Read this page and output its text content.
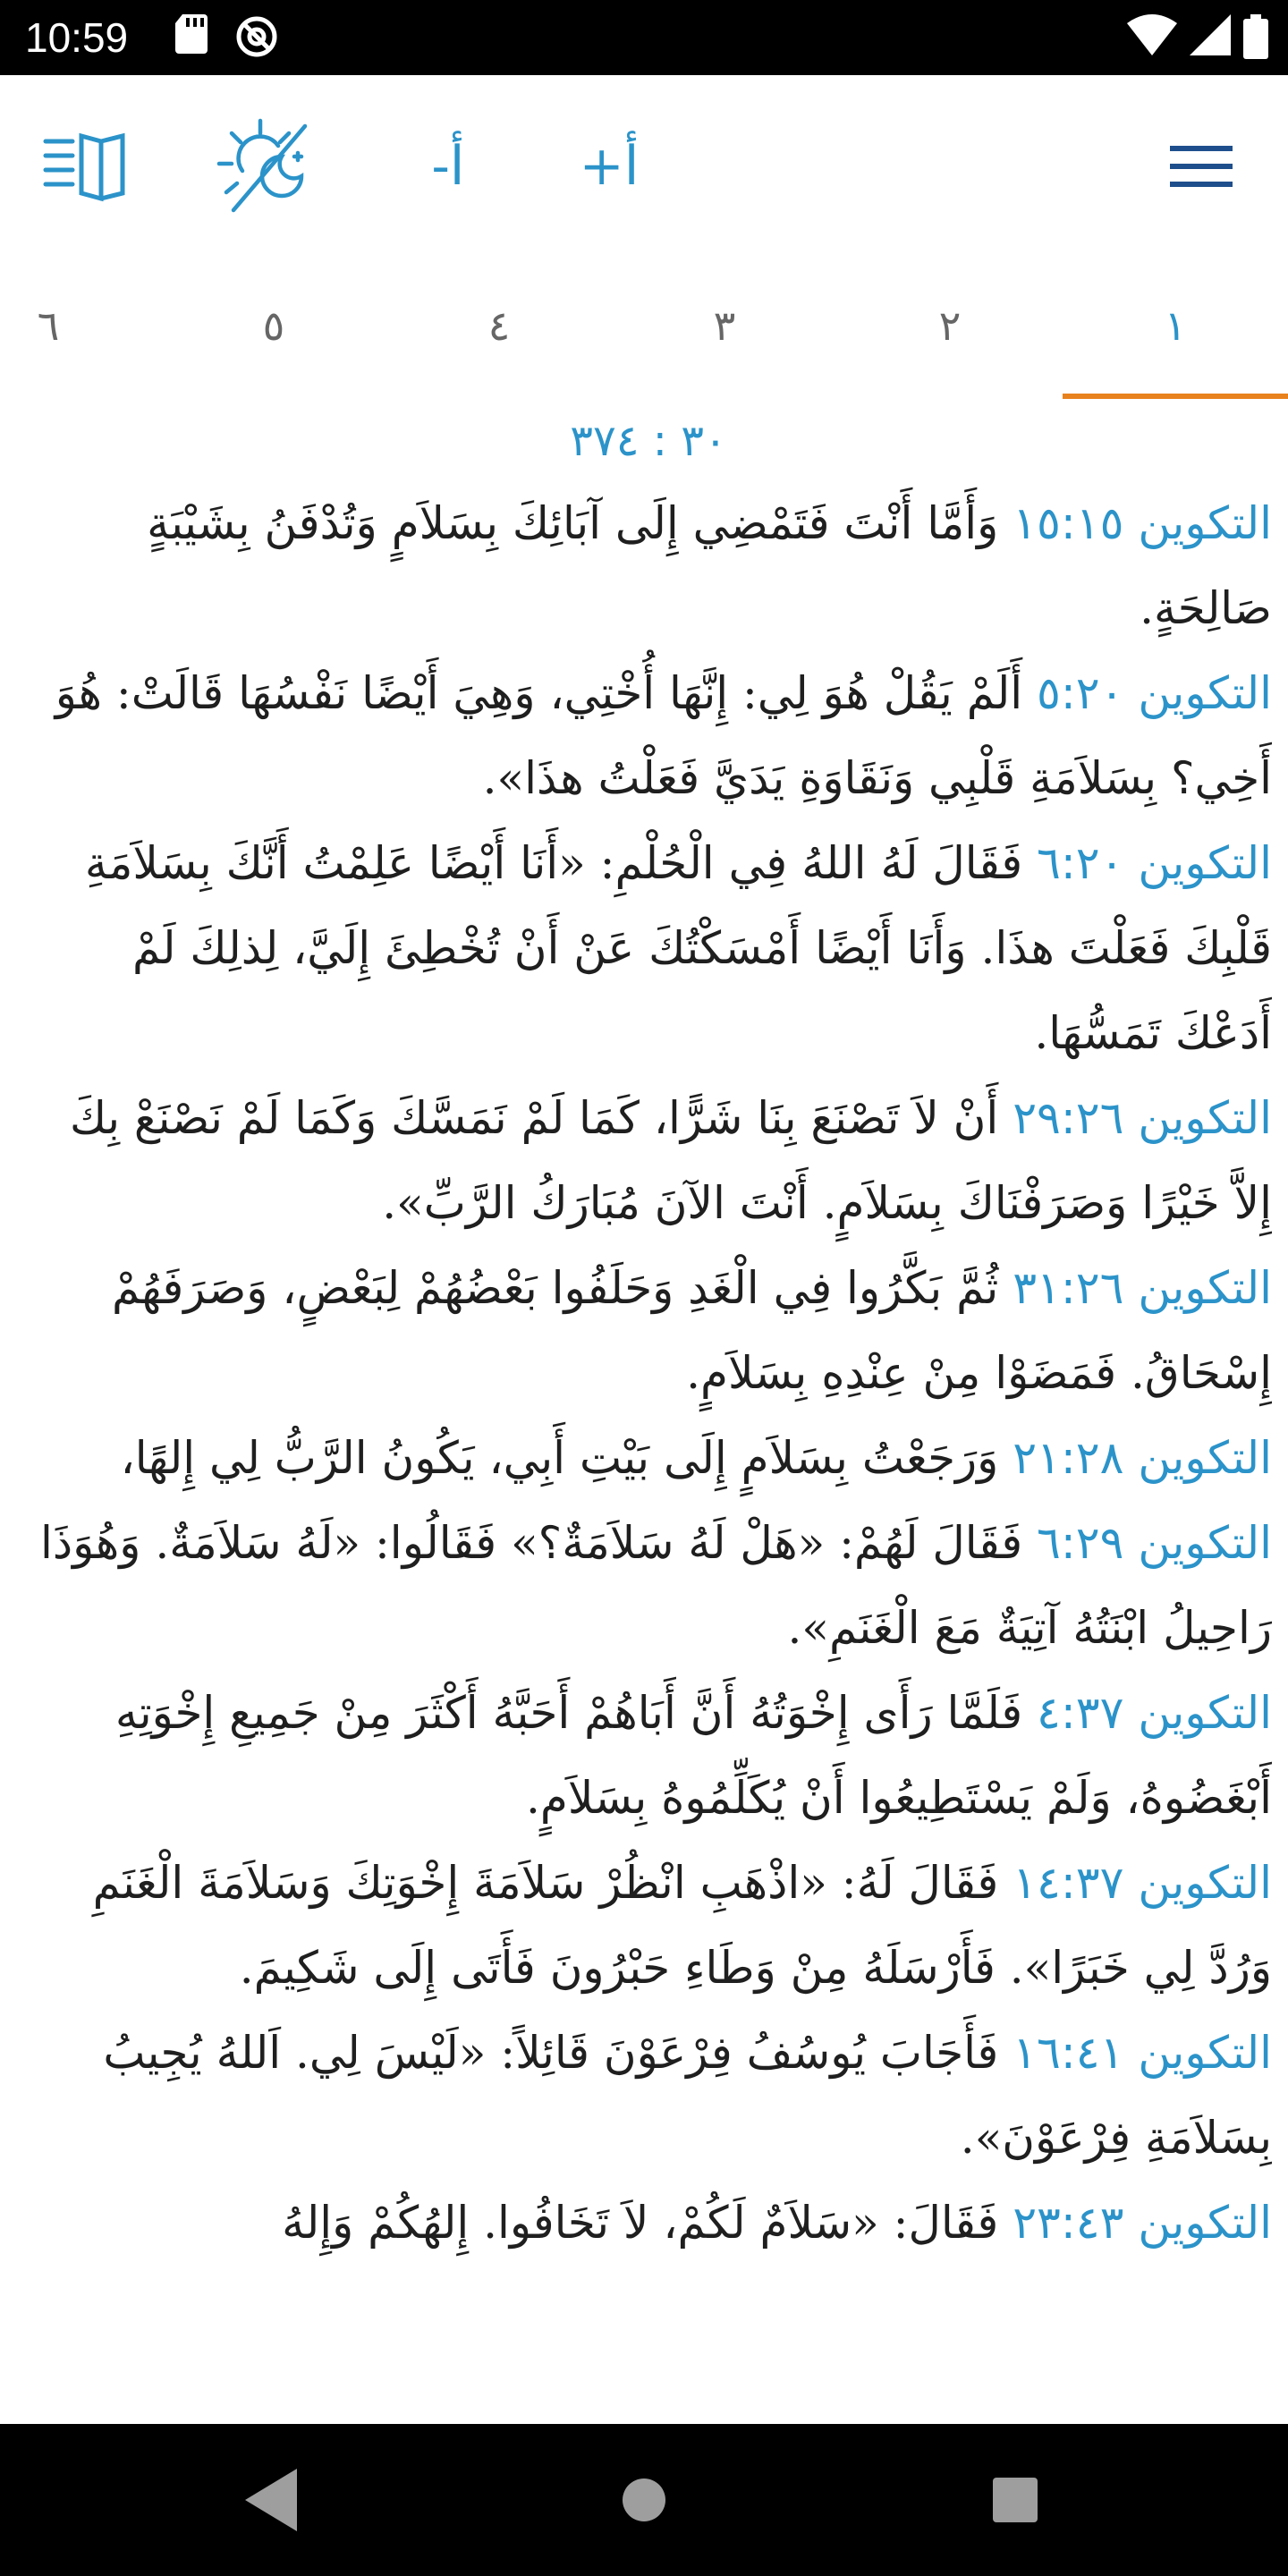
10:59
-أ	+أ
١
٢
٣
٤
٥
٦
٣٠ : ٣٧٤
التكوين ١٥:١٥ وَأَمَّا أَنْتَ فَتَمْضِي إِلَى آبَائِكَ بِسَلاَمٍ وَتُدْفَنُ بِشَيْبَةٍ صَالِحَةٍ.
التكوين ٥:٢٠ أَلَمْ يَقُلْ هُوَ لِي: إِنَّهَا أُخْتِي، وَهِيَ أَيْضًا نَفْسُهَا قَالَتْ: هُوَ أَخِي؟ بِسَلاَمَةِ قَلْبِي وَنَقَاوَةِ يَدَيَّ فَعَلْتُ هذَا».
التكوين ٦:٢٠ فَقَالَ لَهُ اللهُ فِي الْحُلْمِ: «أَنَا أَيْضًا عَلِمْتُ أَنَّكَ بِسَلاَمَةِ قَلْبِكَ فَعَلْتَ هذَا. وَأَنَا أَيْضًا أَمْسَكْتُكَ عَنْ أَنْ تُخْطِئَ إِلَيَّ، لِذلِكَ لَمْ أَدَعْكَ تَمَسُّهَا.
التكوين ٢٩:٢٦ أَنْ لاَ تَصْنَعَ بِنَا شَرًّا، كَمَا لَمْ نَمَسَّكَ وَكَمَا لَمْ نَصْنَعْ بِكَ إِلاَّ خَيْرًا وَصَرَفْنَاكَ بِسَلاَمٍ. أَنْتَ الآنَ مُبَارَكُ الرَّبِّ».
التكوين ٣١:٢٦ ثُمَّ بَكَّرُوا فِي الْغَدِ وَحَلَفُوا بَعْضُهُمْ لِبَعْضٍ، وَصَرَفَهُمْ إِسْحَاقُ. فَمَضَوْا مِنْ عِنْدِهِ بِسَلاَمٍ.
التكوين ٢١:٢٨ وَرَجَعْتُ بِسَلاَمٍ إِلَى بَيْتِ أَبِي، يَكُونُ الرَّبُّ لِي إِلهًا،
التكوين ٦:٢٩ فَقَالَ لَهُمْ: «هَلْ لَهُ سَلاَمَةٌ؟» فَقَالُوا: «لَهُ سَلاَمَةٌ. وَهُوَذَا رَاحِيلُ ابْنَتُهُ آتِيَةٌ مَعَ الْغَنَمِ».
التكوين ٤:٣٧ فَلَمَّا رَأَى إِخْوَتُهُ أَنَّ أَبَاهُمْ أَحَبَّهُ أَكْثَرَ مِنْ جَمِيعِ إِخْوَتِهِ أَبْغَضُوهُ، وَلَمْ يَسْتَطِيعُوا أَنْ يُكَلِّمُوهُ بِسَلاَمٍ.
التكوين ١٤:٣٧ فَقَالَ لَهُ: «اذْهَبِ انْظُرْ سَلاَمَةَ إِخْوَتِكَ وَسَلاَمَةَ الْغَنَمِ وَرُدَّ لِي خَبَرًا». فَأَرْسَلَهُ مِنْ وَطَاءِ حَبْرُونَ فَأَتَى إِلَى شَكِيمَ.
التكوين ١٦:٤١ فَأَجَابَ يُوسُفُ فِرْعَوْنَ قَائِلاً: «لَيْسَ لِي. اَللهُ يُجِيبُ بِسَلاَمَةِ فِرْعَوْنَ».
التكوين ٢٣:٤٣ فَقَالَ: «سَلاَمٌ لَكُمْ، لاَ تَخَافُوا. إِلهُكُمْ وَإِلهُ
